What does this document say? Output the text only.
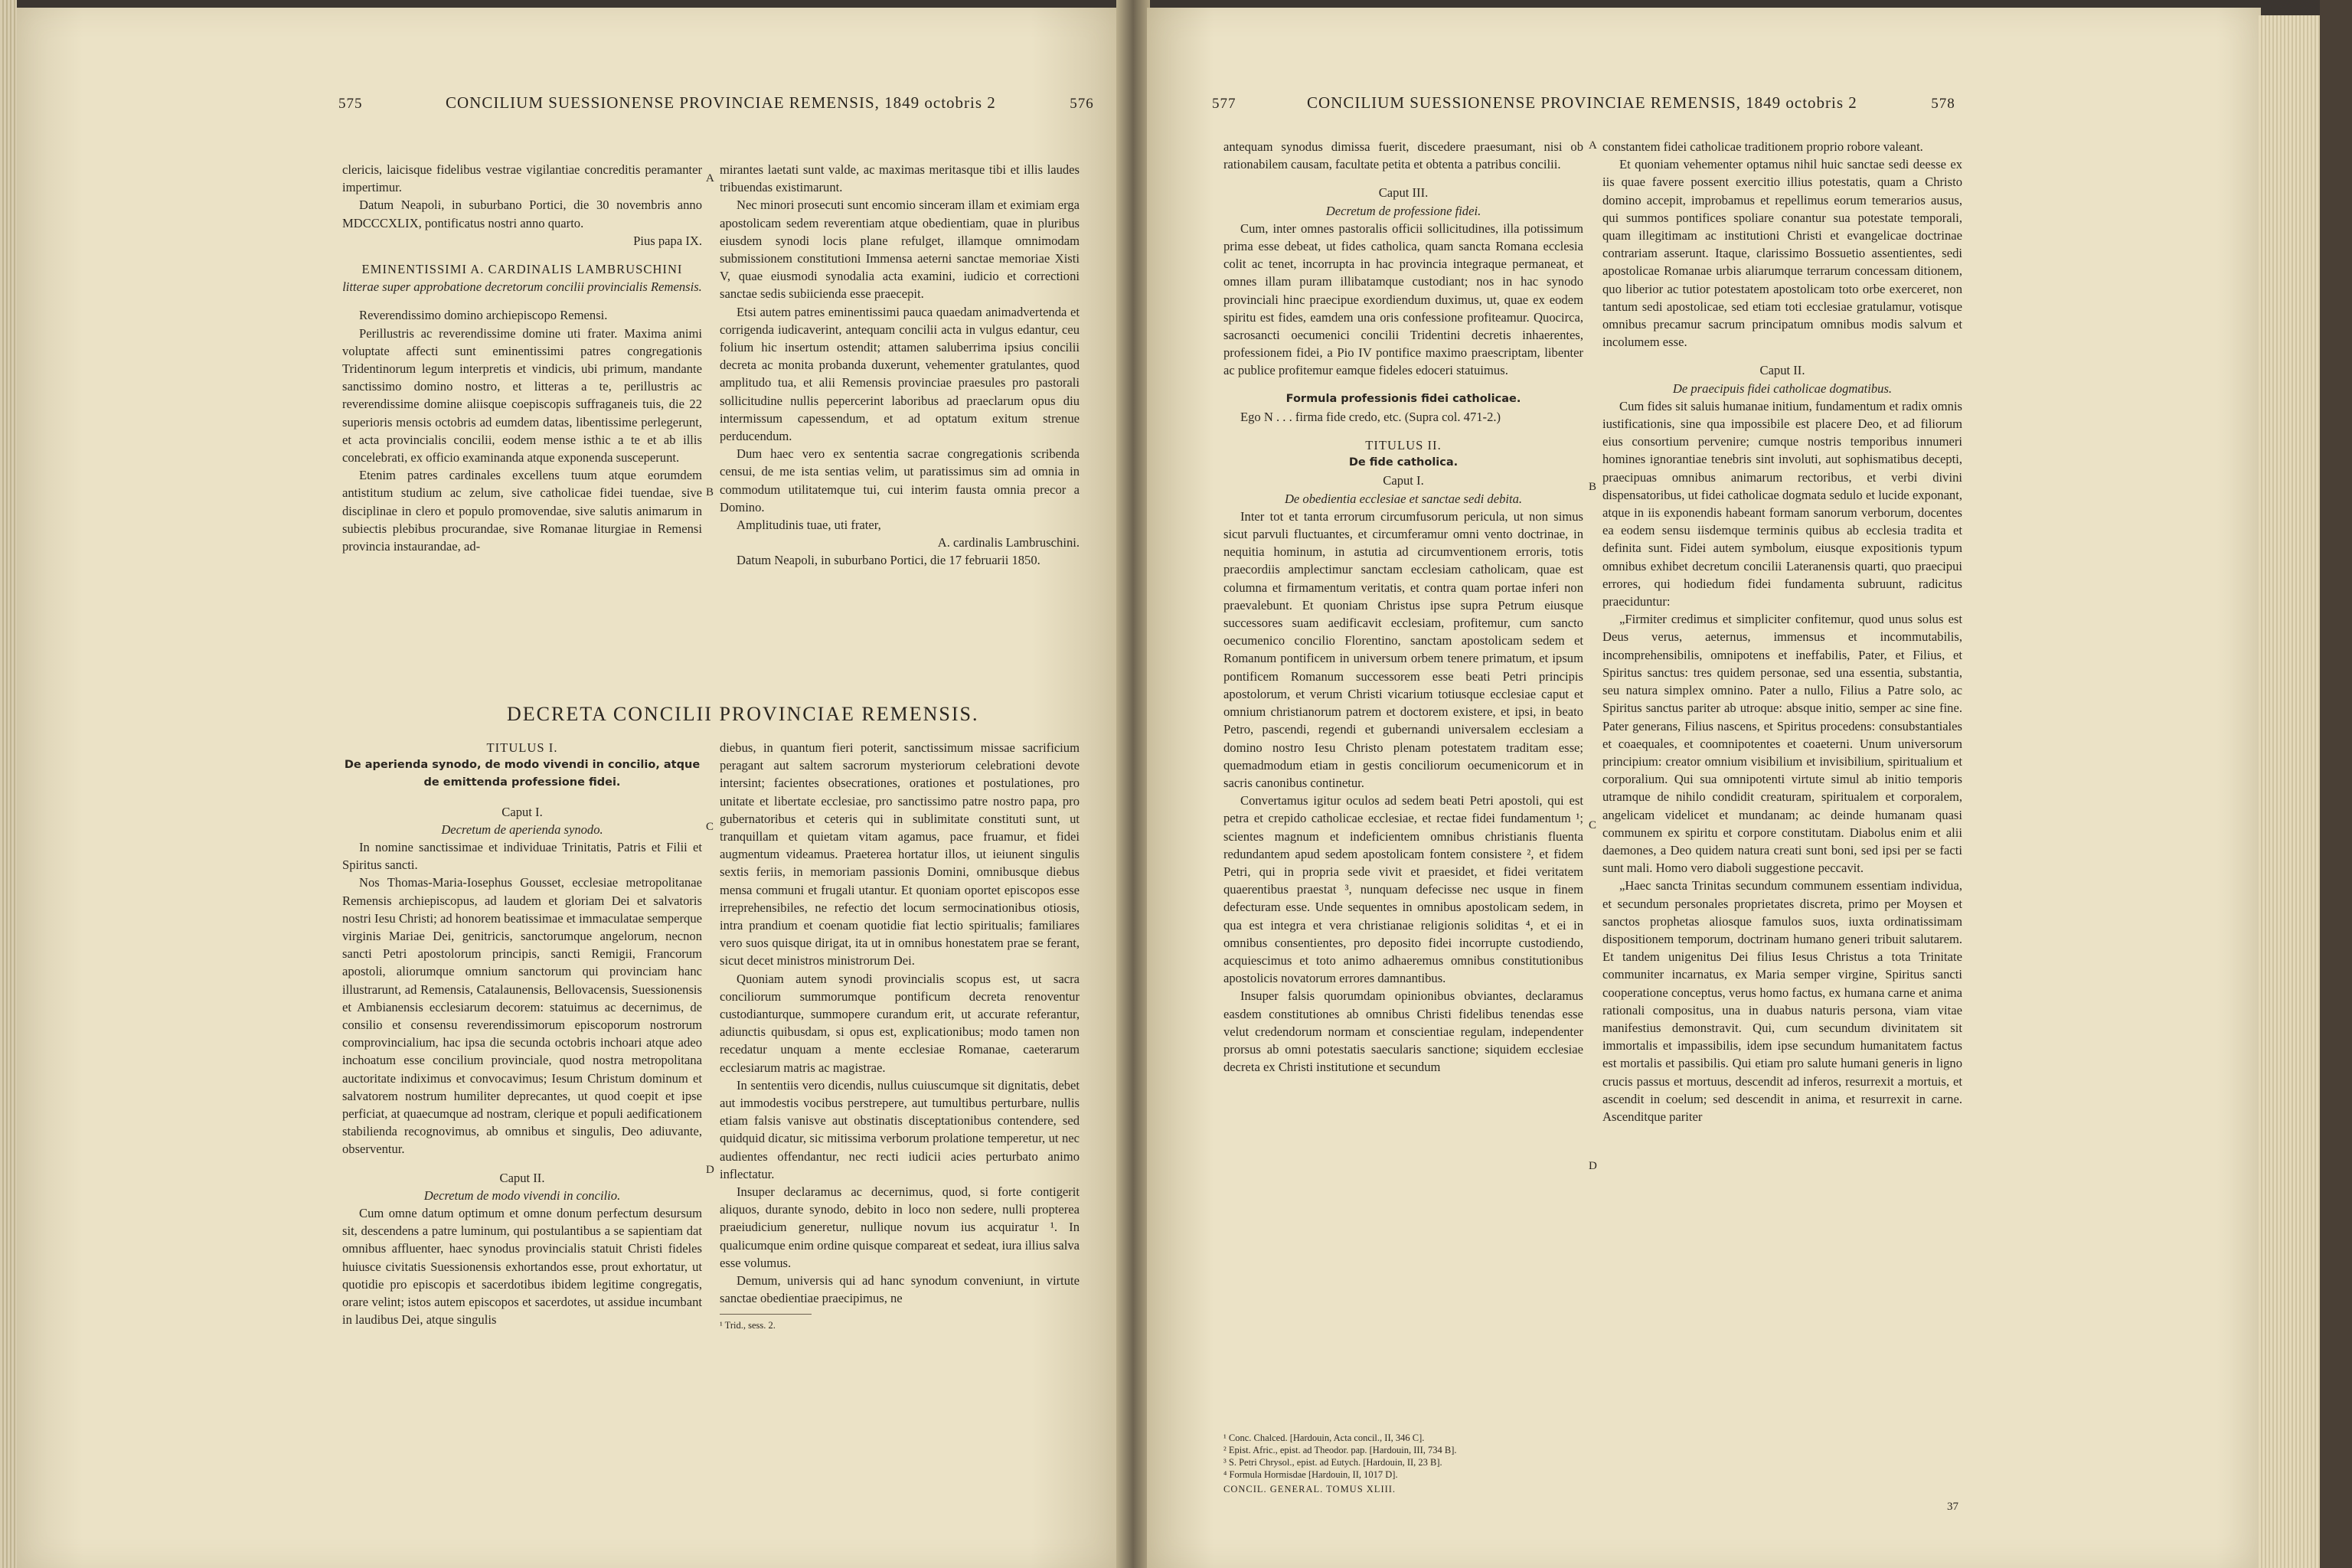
575	CONCILIUM SUESSIONENSE PROVINCIAE REMENSIS, 1849 octobris 2	576

clericis, laicisque fidelibus vestrae vigilantiae concreditis peramanter impertimur.

Datum Neapoli, in suburbano Portici, die 30 novembris anno MDCCCXLIX, pontificatus nostri anno quarto.

Pius papa IX.

EMINENTISSIMI A. CARDINALIS LAMBRUSCHINI

litterae super approbatione decretorum concilii provincialis Remensis.

Reverendissimo domino archiepiscopo Remensi.

Perillustris ac reverendissime domine uti frater. Maxima animi voluptate affecti sunt eminentissimi patres congregationis Tridentinorum legum interpretis et vindicis, ubi primum, mandante sanctissimo domino nostro, et litteras a te, perillustris ac reverendissime domine aliisque coepiscopis suffraganeis tuis, die 22 superioris mensis octobris ad eumdem datas, libentissime perlegerunt, et acta provincialis concilii, eodem mense isthic a te et ab illis concelebrati, ex officio examinanda atque exponenda susceperunt.

Etenim patres cardinales excellens tuum atque eorumdem antistitum studium ac zelum, sive catholicae fidei tuendae, sive disciplinae in clero et populo promovendae, sive salutis animarum in subiectis plebibus procurandae, sive Romanae liturgiae in Remensi provincia instaurandae, ad-

mirantes laetati sunt valde, ac maximas meritasque tibi et illis laudes tribuendas existimarunt.

Nec minori prosecuti sunt encomio sinceram illam et eximiam erga apostolicam sedem reverentiam atque obedientiam, quae in pluribus eiusdem synodi locis plane refulget, illamque omnimodam submissionem constitutioni Immensa aeterni sanctae memoriae Xisti V, quae eiusmodi synodalia acta examini, iudicio et correctioni sanctae sedis subiicienda esse praecepit.

Etsi autem patres eminentissimi pauca quaedam animadvertenda et corrigenda iudicaverint, antequam concilii acta in vulgus edantur, ceu folium hic insertum ostendit; attamen saluberrima ipsius concilii decreta ac monita probanda duxerunt, vehementer gratulantes, quod amplitudo tua, et alii Remensis provinciae praesules pro pastorali sollicitudine nullis pepercerint laboribus ad praeclarum opus diu intermissum capessendum, et ad optatum exitum strenue perducendum.

Dum haec vero ex sententia sacrae congregationis scribenda censui, de me ista sentias velim, ut paratissimus sim ad omnia in commodum utilitatemque tui, cui interim fausta omnia precor a Domino.

Amplitudinis tuae, uti frater,

A. cardinalis Lambruschini.

Datum Neapoli, in suburbano Portici, die 17 februarii 1850.

A
B
C
D
DECRETA CONCILII PROVINCIAE REMENSIS.

TITULUS I.

De aperienda synodo, de modo vivendi in concilio, atque de emittenda professione fidei.

Caput I.

Decretum de aperienda synodo.

In nomine sanctissimae et individuae Trinitatis, Patris et Filii et Spiritus sancti.

Nos Thomas-Maria-Iosephus Gousset, ecclesiae metropolitanae Remensis archiepiscopus, ad laudem et gloriam Dei et salvatoris nostri Iesu Christi; ad honorem beatissimae et immaculatae semperque virginis Mariae Dei, genitricis, sanctorumque angelorum, necnon sancti Petri apostolorum principis, sancti Remigii, Francorum apostoli, aliorumque omnium sanctorum qui provinciam hanc illustrarunt, ad Remensis, Catalaunensis, Bellovacensis, Suessionensis et Ambianensis ecclesiarum decorem: statuimus ac decernimus, de consilio et consensu reverendissimorum episcoporum nostrorum comprovincialium, hac ipsa die secunda octobris inchoari atque adeo inchoatum esse concilium provinciale, quod nostra metropolitana auctoritate indiximus et convocavimus; Iesum Christum dominum et salvatorem nostrum humiliter deprecantes, ut quod coepit et ipse perficiat, at quaecumque ad nostram, clerique et populi aedificationem stabilienda recognovimus, ab omnibus et singulis, Deo adiuvante, observentur.

Caput II.

Decretum de modo vivendi in concilio.

Cum omne datum optimum et omne donum perfectum desursum sit, descendens a patre luminum, qui postulantibus a se sapientiam dat omnibus affluenter, haec synodus provincialis statuit Christi fideles huiusce civitatis Suessionensis exhortandos esse, prout exhortatur, ut quotidie pro episcopis et sacerdotibus ibidem legitime congregatis, orare velint; istos autem episcopos et sacerdotes, ut assidue incumbant in laudibus Dei, atque singulis

diebus, in quantum fieri poterit, sanctissimum missae sacrificium peragant aut saltem sacrorum mysteriorum celebrationi devote intersint; facientes obsecrationes, orationes et postulationes, pro unitate et libertate ecclesiae, pro sanctissimo patre nostro papa, pro gubernatoribus et ceteris qui in sublimitate constituti sunt, ut tranquillam et quietam vitam agamus, pace fruamur, et fidei augmentum videamus. Praeterea hortatur illos, ut ieiunent singulis sextis feriis, in memoriam passionis Domini, omnibusque diebus mensa communi et frugali utantur. Et quoniam oportet episcopos esse irreprehensibiles, ne refectio det locum sermocinationibus otiosis, intra prandium et coenam quotidie fiat lectio spiritualis; familiares vero suos quisque dirigat, ita ut in omnibus honestatem prae se ferant, sicut decet ministros ministrorum Dei.

Quoniam autem synodi provincialis scopus est, ut sacra conciliorum summorumque pontificum decreta renoventur custodianturque, summopere curandum erit, ut accurate referantur, adiunctis quibusdam, si opus est, explicationibus; modo tamen non recedatur unquam a mente ecclesiae Romanae, caeterarum ecclesiarum matris ac magistrae.

In sententiis vero dicendis, nullus cuiuscumque sit dignitatis, debet aut immodestis vocibus perstrepere, aut tumultibus perturbare, nullis etiam falsis vanisve aut obstinatis disceptationibus contendere, sed quidquid dicatur, sic mitissima verborum prolatione temperetur, ut nec audientes offendantur, nec recti iudicii acies perturbato animo inflectatur.

Insuper declaramus ac decernimus, quod, si forte contigerit aliquos, durante synodo, debito in loco non sedere, nulli propterea praeiudicium generetur, nullique novum ius acquiratur ¹. In qualicumque enim ordine quisque compareat et sedeat, iura illius salva esse volumus.

Demum, universis qui ad hanc synodum conveniunt, in virtute sanctae obedientiae praecipimus, ne

¹ Trid., sess. 2.

577	CONCILIUM SUESSIONENSE PROVINCIAE REMENSIS, 1849 octobris 2	578

antequam synodus dimissa fuerit, discedere praesumant, nisi ob rationabilem causam, facultate petita et obtenta a patribus concilii.

Caput III.

Decretum de professione fidei.

Cum, inter omnes pastoralis officii sollicitudines, illa potissimum prima esse debeat, ut fides catholica, quam sancta Romana ecclesia colit ac tenet, incorrupta in hac provincia integraque permaneat, et omnes illam puram illibatamque custodiant; nos in hac synodo provinciali hinc praecipue exordiendum duximus, ut, quae ex eodem spiritu est fides, eamdem una oris confessione profiteamur. Quocirca, sacrosancti oecumenici concilii Tridentini decretis inhaerentes, professionem fidei, a Pio IV pontifice maximo praescriptam, libenter ac publice profitemur eamque fideles edoceri statuimus.

Formula professionis fidei catholicae.

Ego N . . . firma fide credo, etc. (Supra col. 471-2.)

TITULUS II.

De fide catholica.

Caput I.

De obedientia ecclesiae et sanctae sedi debita.

Inter tot et tanta errorum circumfusorum pericula, ut non simus sicut parvuli fluctuantes, et circumferamur omni vento doctrinae, in nequitia hominum, in astutia ad circumventionem erroris, totis praecordiis amplectimur sanctam ecclesiam catholicam, quae est columna et firmamentum veritatis, et contra quam portae inferi non praevalebunt. Et quoniam Christus ipse supra Petrum eiusque successores suam aedificavit ecclesiam, profitemur, cum sancto oecumenico concilio Florentino, sanctam apostolicam sedem et Romanum pontificem in universum orbem tenere primatum, et ipsum pontificem Romanum successorem esse beati Petri principis apostolorum, et verum Christi vicarium totiusque ecclesiae caput et omnium christianorum patrem et doctorem existere, et ipsi, in beato Petro, pascendi, regendi et gubernandi universalem ecclesiam a domino nostro Iesu Christo plenam potestatem traditam esse; quemadmodum etiam in gestis conciliorum oecumenicorum et in sacris canonibus continetur.

Convertamus igitur oculos ad sedem beati Petri apostoli, qui est petra et crepido catholicae ecclesiae, et rectae fidei fundamentum ¹; scientes magnum et indeficientem omnibus christianis fluenta redundantem apud sedem apostolicam fontem consistere ², et fidem Petri, qui in propria sede vivit et praesidet, et fidei veritatem quaerentibus praestat ³, nunquam defecisse nec usque in finem defecturam esse. Unde sequentes in omnibus apostolicam sedem, in qua est integra et vera christianae religionis soliditas ⁴, et ei in omnibus consentientes, pro deposito fidei incorrupte custodiendo, acquiescimus et toto animo adhaeremus omnibus constitutionibus apostolicis novatorum errores damnantibus.

Insuper falsis quorumdam opinionibus obviantes, declaramus easdem constitutiones ab omnibus Christi fidelibus tenendas esse velut credendorum normam et conscientiae regulam, independenter prorsus ab omni potestatis saecularis sanctione; siquidem ecclesiae decreta ex Christi institutione et secundum

¹ Conc. Chalced. [Hardouin, Acta concil., II, 346 C].

² Epist. Afric., epist. ad Theodor. pap. [Hardouin, III, 734 B].

³ S. Petri Chrysol., epist. ad Eutych. [Hardouin, II, 23 B].

⁴ Formula Hormisdae [Hardouin, II, 1017 D].

CONCIL. GENERAL. TOMUS XLIII.

A
B
C
D

constantem fidei catholicae traditionem proprio robore valeant.

Et quoniam vehementer optamus nihil huic sanctae sedi deesse ex iis quae favere possent exercitio illius potestatis, quam a Christo domino accepit, improbamus et repellimus eorum temerarios ausus, qui summos pontifices spoliare conantur sua potestate temporali, quam illegitimam ac institutioni Christi et evangelicae doctrinae contrariam asserunt. Itaque, clarissimo Bossuetio assentientes, sedi apostolicae Romanae urbis aliarumque terrarum concessam ditionem, quo liberior ac tutior potestatem apostolicam toto orbe exerceret, non tantum sedi apostolicae, sed etiam toti ecclesiae gratulamur, votisque omnibus precamur sacrum principatum omnibus modis salvum et incolumem esse.

Caput II.

De praecipuis fidei catholicae dogmatibus.

Cum fides sit saluis humanae initium, fundamentum et radix omnis iustificationis, sine qua impossibile est placere Deo, et ad filiorum eius consortium pervenire; cumque nostris temporibus innumeri homines ignorantiae tenebris sint involuti, aut sophismatibus decepti, praecipuas omnibus animarum rectoribus, et verbi divini dispensatoribus, ut fidei catholicae dogmata sedulo et lucide exponant, atque in iis exponendis habeant formam sanorum verborum, docentes ea eodem sensu iisdemque terminis quibus ab ecclesia tradita et definita sunt. Fidei autem symbolum, eiusque expositionis typum omnibus exhibet decretum concilii Lateranensis quarti, quo praecipui errores, qui hodiedum fidei fundamenta subruunt, radicitus praeciduntur:

„Firmiter credimus et simpliciter confitemur, quod unus solus est Deus verus, aeternus, immensus et incommutabilis, incomprehensibilis, omnipotens et ineffabilis, Pater, et Filius, et Spiritus sanctus: tres quidem personae, sed una essentia, substantia, seu natura simplex omnino. Pater a nullo, Filius a Patre solo, ac Spiritus sanctus pariter ab utroque: absque initio, semper ac sine fine. Pater generans, Filius nascens, et Spiritus procedens: consubstantiales et coaequales, et coomnipotentes et coaeterni. Unum universorum principium: creator omnium visibilium et invisibilium, spiritualium et corporalium. Qui sua omnipotenti virtute simul ab initio temporis utramque de nihilo condidit creaturam, spiritualem et corporalem, angelicam videlicet et mundanam; ac deinde humanam quasi communem ex spiritu et corpore constitutam. Diabolus enim et alii daemones, a Deo quidem natura creati sunt boni, sed ipsi per se facti sunt mali. Homo vero diaboli suggestione peccavit.

„Haec sancta Trinitas secundum communem essentiam individua, et secundum personales proprietates discreta, primo per Moysen et sanctos prophetas aliosque famulos suos, iuxta ordinatissimam dispositionem temporum, doctrinam humano generi tribuit salutarem. Et tandem unigenitus Dei filius Iesus Christus a tota Trinitate communiter incarnatus, ex Maria semper virgine, Spiritus sancti cooperatione conceptus, verus homo factus, ex humana carne et anima rationali compositus, una in duabus naturis persona, viam vitae manifestius demonstravit. Qui, cum secundum divinitatem sit immortalis et impassibilis, idem ipse secundum humanitatem factus est mortalis et passibilis. Qui etiam pro salute humani generis in ligno crucis passus et mortuus, descendit ad inferos, resurrexit a mortuis, et ascendit in coelum; sed descendit in anima, et resurrexit in carne. Ascenditque pariter

37
